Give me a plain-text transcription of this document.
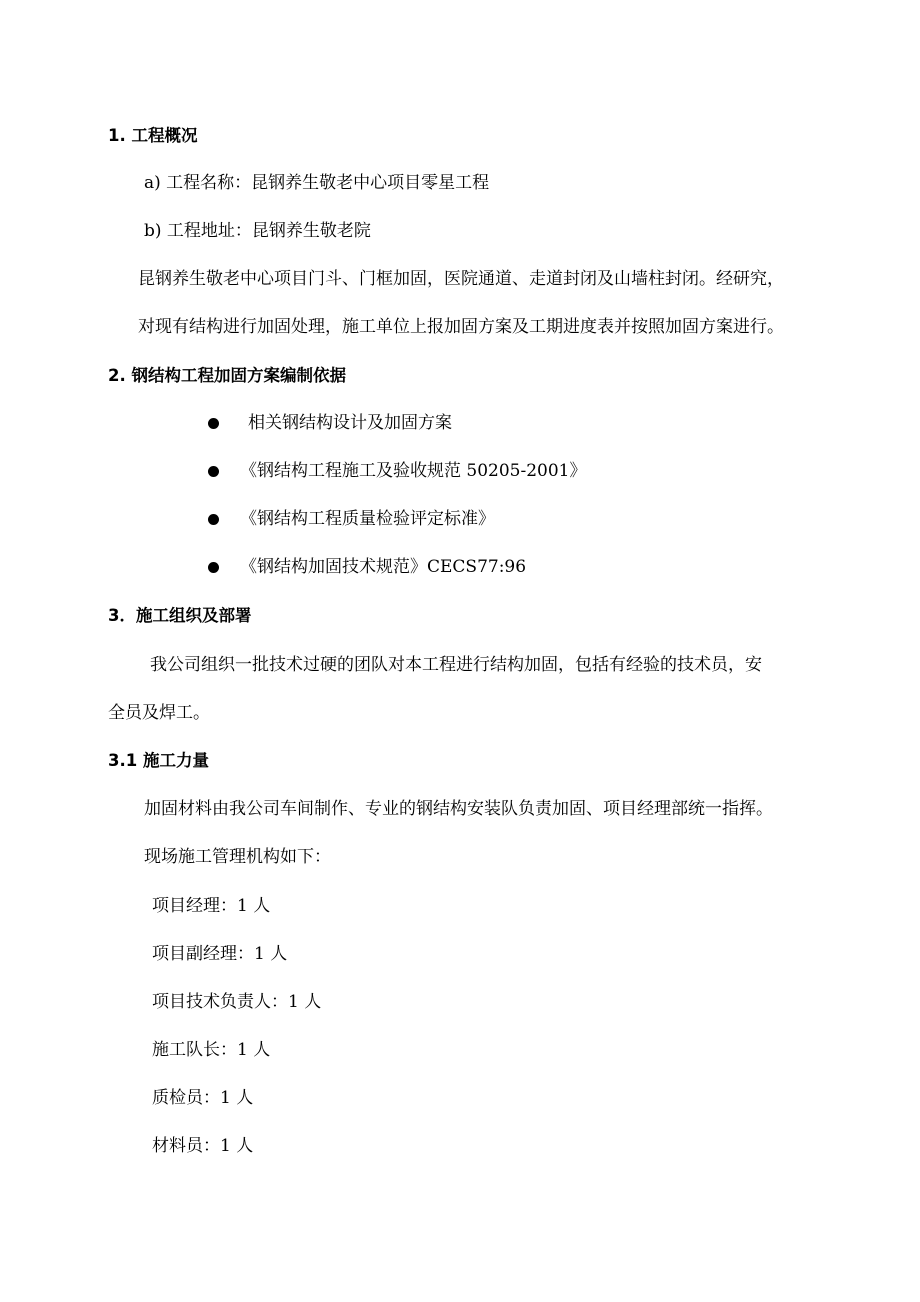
1. 工程概况
a) 工程名称：昆钢养生敬老中心项目零星工程
b) 工程地址：昆钢养生敬老院
昆钢养生敬老中心项目门斗、门框加固，医院通道、走道封闭及山墙柱封闭。经研究，
对现有结构进行加固处理，施工单位上报加固方案及工期进度表并按照加固方案进行。
2. 钢结构工程加固方案编制依据
相关钢结构设计及加固方案
《钢结构工程施工及验收规范 50205-2001》
《钢结构工程质量检验评定标准》
《钢结构加固技术规范》CECS77:96
3．施工组织及部署
我公司组织一批技术过硬的团队对本工程进行结构加固，包括有经验的技术员，安
全员及焊工。
3.1 施工力量
加固材料由我公司车间制作、专业的钢结构安装队负责加固、项目经理部统一指挥。
现场施工管理机构如下：
项目经理：1 人
项目副经理：1 人
项目技术负责人：1 人
施工队长：1 人
质检员：1 人
材料员：1 人
